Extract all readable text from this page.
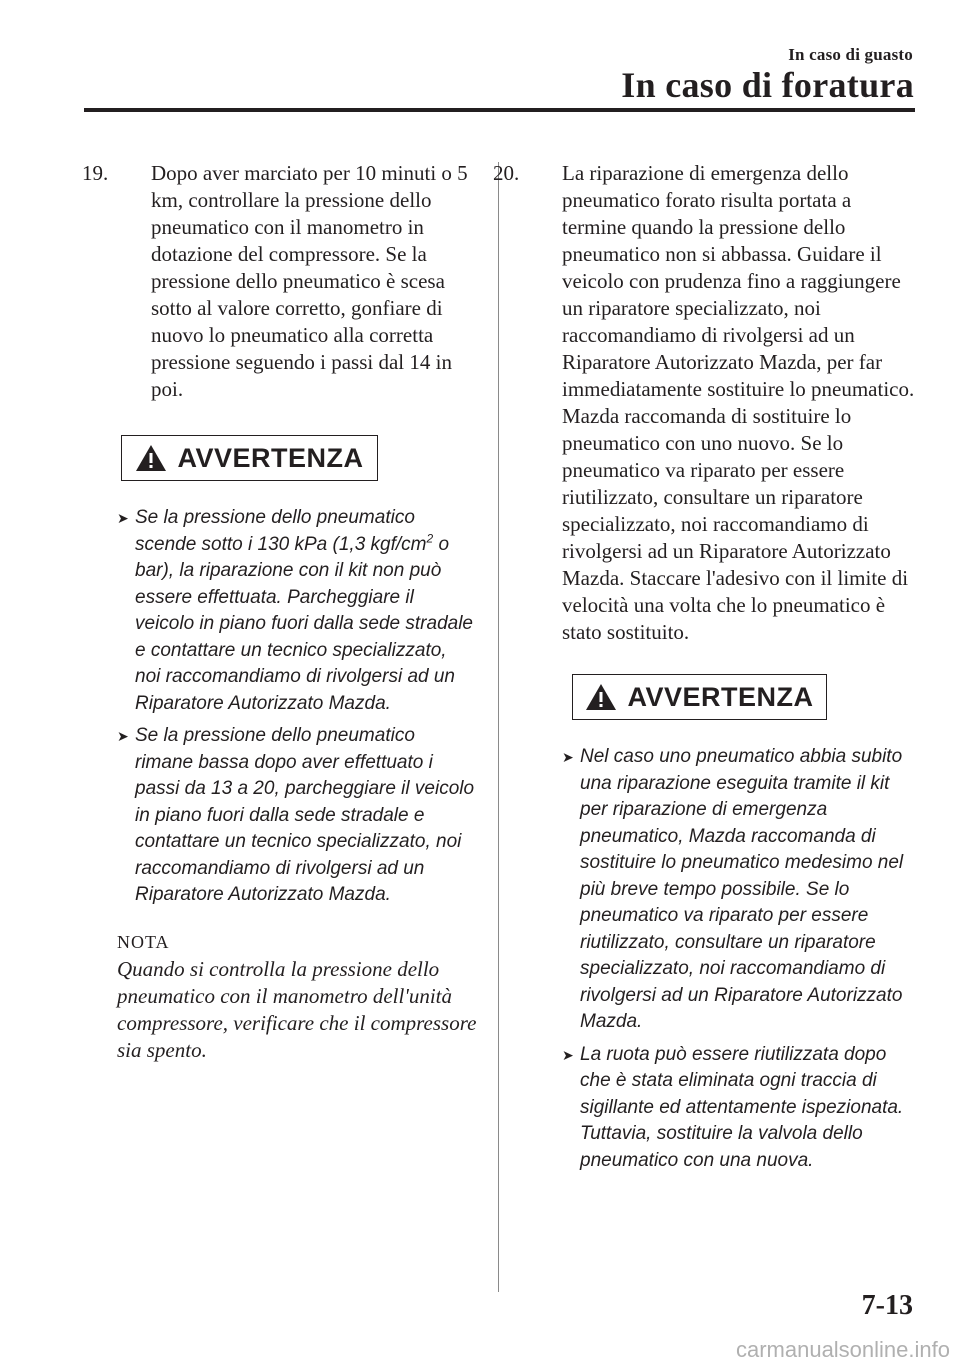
In caso di guasto
In caso di foratura
19.	Dopo aver marciato per 10 minuti o 5 km, controllare la pressione dello pneumatico con il manometro in dotazione del compressore. Se la pressione dello pneumatico è scesa sotto al valore corretto, gonfiare di nuovo lo pneumatico alla corretta pressione seguendo i passi dal 14 in poi.
AVVERTENZA
➤ Se la pressione dello pneumatico scende sotto i 130 kPa (1,3 kgf/$cm^2$ o bar), la riparazione con il kit non può essere effettuata. Parcheggiare il veicolo in piano fuori dalla sede stradale e contattare un tecnico specializzato, noi raccomandiamo di rivolgersi ad un Riparatore Autorizzato Mazda.
➤ Se la pressione dello pneumatico rimane bassa dopo aver effettuato i passi da 13 a 20, parcheggiare il veicolo in piano fuori dalla sede stradale e contattare un tecnico specializzato, noi raccomandiamo di rivolgersi ad un Riparatore Autorizzato Mazda.
NOTA
Quando si controlla la pressione dello pneumatico con il manometro dell'unità compressore, verificare che il compressore sia spento.
20.	La riparazione di emergenza dello pneumatico forato risulta portata a termine quando la pressione dello pneumatico non si abbassa. Guidare il veicolo con prudenza fino a raggiungere un riparatore specializzato, noi raccomandiamo di rivolgersi ad un Riparatore Autorizzato Mazda, per far immediatamente sostituire lo pneumatico. Mazda raccomanda di sostituire lo pneumatico con uno nuovo. Se lo pneumatico va riparato per essere riutilizzato, consultare un riparatore specializzato, noi raccomandiamo di rivolgersi ad un Riparatore Autorizzato Mazda. Staccare l'adesivo con il limite di velocità una volta che lo pneumatico è stato sostituito.
AVVERTENZA
➤ Nel caso uno pneumatico abbia subito una riparazione eseguita tramite il kit per riparazione di emergenza pneumatico, Mazda raccomanda di sostituire lo pneumatico medesimo nel più breve tempo possibile. Se lo pneumatico va riparato per essere riutilizzato, consultare un riparatore specializzato, noi raccomandiamo di rivolgersi ad un Riparatore Autorizzato Mazda.
➤ La ruota può essere riutilizzata dopo che è stata eliminata ogni traccia di sigillante ed attentamente ispezionata. Tuttavia, sostituire la valvola dello pneumatico con una nuova.
7-13
carmanualsonline.info
